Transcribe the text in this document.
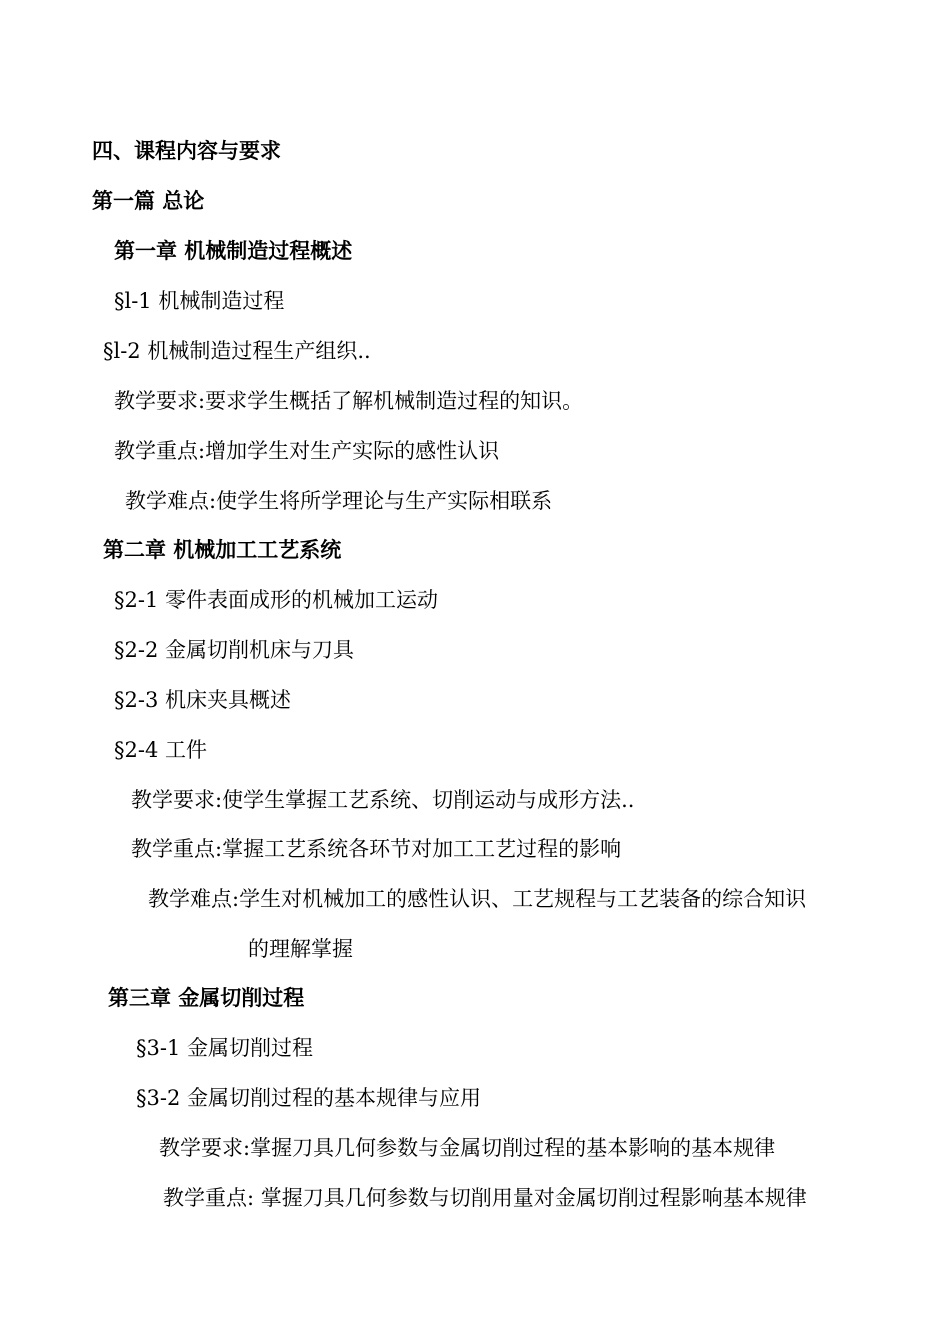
四、课程内容与要求
第一篇 总论
第一章 机械制造过程概述
§l-1 机械制造过程
§l-2 机械制造过程生产组织..
教学要求:要求学生概括了解机械制造过程的知识。
教学重点:增加学生对生产实际的感性认识
教学难点:使学生将所学理论与生产实际相联系
第二章 机械加工工艺系统
§2-1 零件表面成形的机械加工运动
§2-2 金属切削机床与刀具
§2-3 机床夹具概述
§2-4 工件
教学要求:使学生掌握工艺系统、切削运动与成形方法..
教学重点:掌握工艺系统各环节对加工工艺过程的影响
教学难点:学生对机械加工的感性认识、工艺规程与工艺装备的综合知识
的理解掌握
第三章 金属切削过程
§3-1 金属切削过程
§3-2 金属切削过程的基本规律与应用
教学要求:掌握刀具几何参数与金属切削过程的基本影响的基本规律
教学重点: 掌握刀具几何参数与切削用量对金属切削过程影响基本规律
